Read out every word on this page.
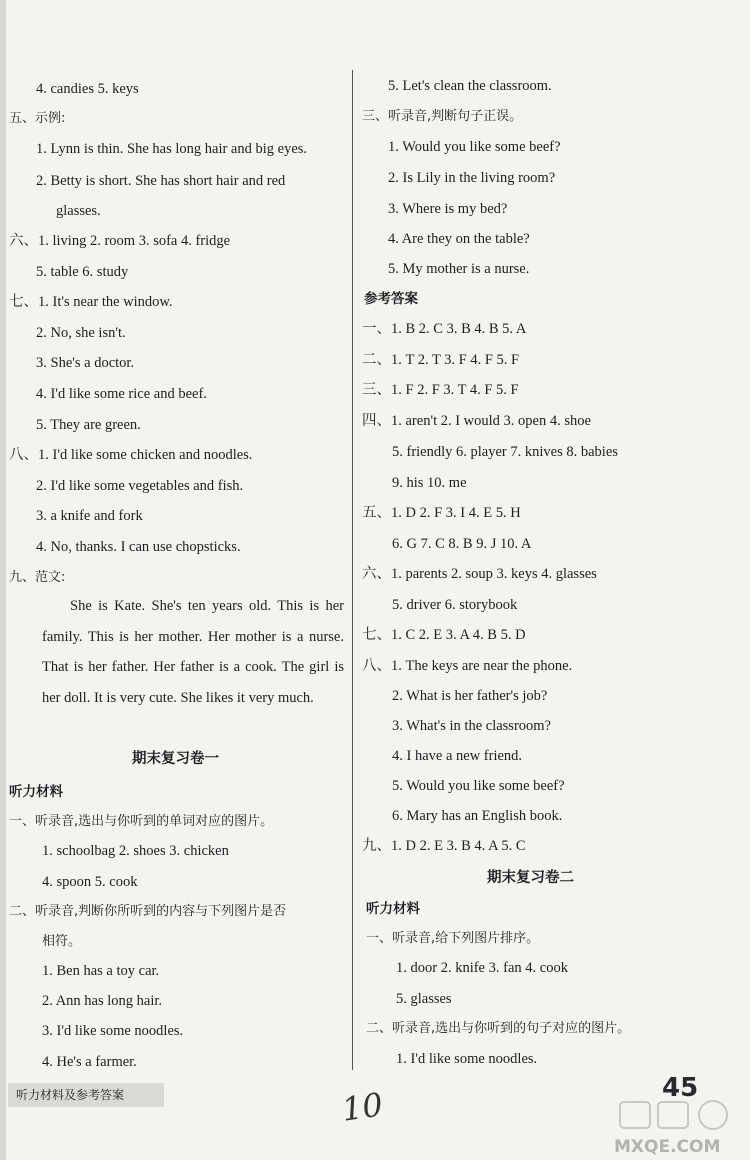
4. candies 5. keys
五、示例:
1. Lynn is thin. She has long hair and big eyes.
2. Betty is short. She has short hair and red
glasses.
六、1. living 2. room 3. sofa 4. fridge
5. table 6. study
七、1. It's near the window.
2. No, she isn't.
3. She's a doctor.
4. I'd like some rice and beef.
5. They are green.
八、1. I'd like some chicken and noodles.
2. I'd like some vegetables and fish.
3. a knife and fork
4. No, thanks. I can use chopsticks.
九、范文:
听力材料
一、听录音,选出与你听到的单词对应的图片。
1. schoolbag 2. shoes 3. chicken
4. spoon 5. cook
二、听录音,判断你所听到的内容与下列图片是否
相符。
1. Ben has a toy car.
2. Ann has long hair.
3. I'd like some noodles.
4. He's a farmer.
She is Kate. She's ten years old. This is her family. This is her mother. Her mother is a nurse. That is her father. Her father is a cook. The girl is her doll. It is very cute. She likes it very much.
期末复习卷一
5. Let's clean the classroom.
三、听录音,判断句子正误。
1. Would you like some beef?
2. Is Lily in the living room?
3. Where is my bed?
4. Are they on the table?
5. My mother is a nurse.
参考答案
一、1. B 2. C 3. B 4. B 5. A
二、1. T 2. T 3. F 4. F 5. F
三、1. F 2. F 3. T 4. F 5. F
四、1. aren't 2. I would 3. open 4. shoe
5. friendly 6. player 7. knives 8. babies
9. his 10. me
五、1. D 2. F 3. I 4. E 5. H
6. G 7. C 8. B 9. J 10. A
六、1. parents 2. soup 3. keys 4. glasses
5. driver 6. storybook
七、1. C 2. E 3. A 4. B 5. D
八、1. The keys are near the phone.
2. What is her father's job?
3. What's in the classroom?
4. I have a new friend.
5. Would you like some beef?
6. Mary has an English book.
九、1. D 2. E 3. B 4. A 5. C
听力材料
一、听录音,给下列图片排序。
1. door 2. knife 3. fan 4. cook
5. glasses
二、听录音,选出与你听到的句子对应的图片。
1. I'd like some noodles.
期末复习卷二
听力材料及参考答案	10	45
MXQE.COM
